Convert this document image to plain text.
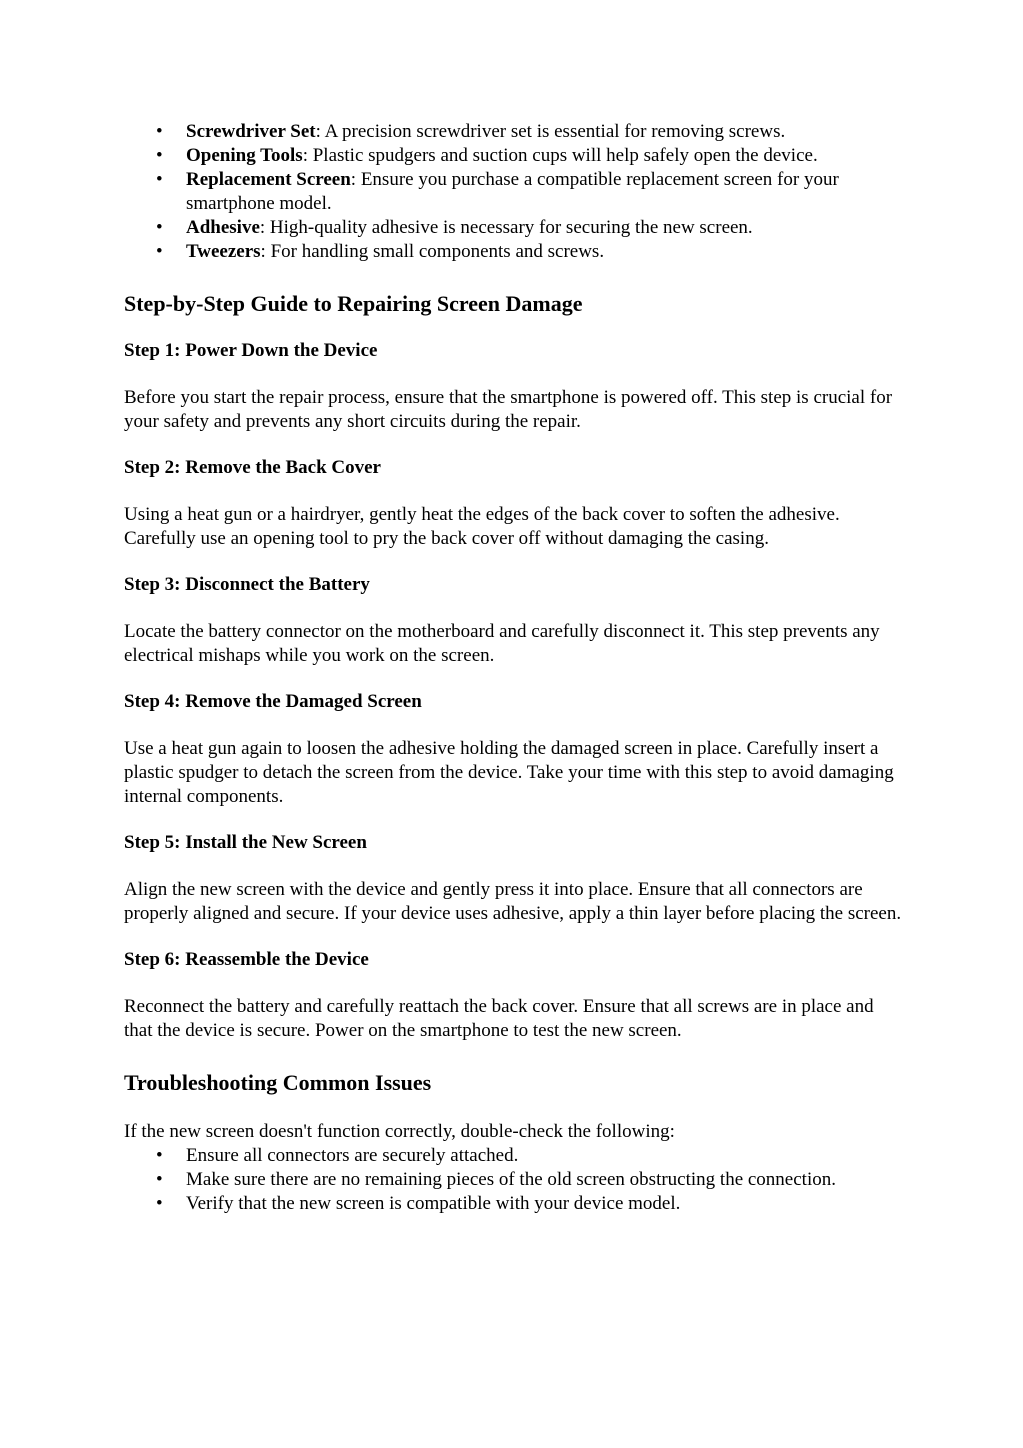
• Screwdriver Set: A precision screwdriver set is essential for removing screws.
• Opening Tools: Plastic spudgers and suction cups will help safely open the device.
• Replacement Screen: Ensure you purchase a compatible replacement screen for your smartphone model.
• Adhesive: High-quality adhesive is necessary for securing the new screen.
• Tweezers: For handling small components and screws.
Step-by-Step Guide to Repairing Screen Damage
Step 1: Power Down the Device

Before you start the repair process, ensure that the smartphone is powered off. This step is crucial for your safety and prevents any short circuits during the repair.

Step 2: Remove the Back Cover

Using a heat gun or a hairdryer, gently heat the edges of the back cover to soften the adhesive. Carefully use an opening tool to pry the back cover off without damaging the casing.

Step 3: Disconnect the Battery

Locate the battery connector on the motherboard and carefully disconnect it. This step prevents any electrical mishaps while you work on the screen.

Step 4: Remove the Damaged Screen

Use a heat gun again to loosen the adhesive holding the damaged screen in place. Carefully insert a plastic spudger to detach the screen from the device. Take your time with this step to avoid damaging internal components.

Step 5: Install the New Screen

Align the new screen with the device and gently press it into place. Ensure that all connectors are properly aligned and secure. If your device uses adhesive, apply a thin layer before placing the screen.

Step 6: Reassemble the Device

Reconnect the battery and carefully reattach the back cover. Ensure that all screws are in place and that the device is secure. Power on the smartphone to test the new screen.

Troubleshooting Common Issues

If the new screen doesn't function correctly, double-check the following:

• Ensure all connectors are securely attached.
• Make sure there are no remaining pieces of the old screen obstructing the connection.
• Verify that the new screen is compatible with your device model.
